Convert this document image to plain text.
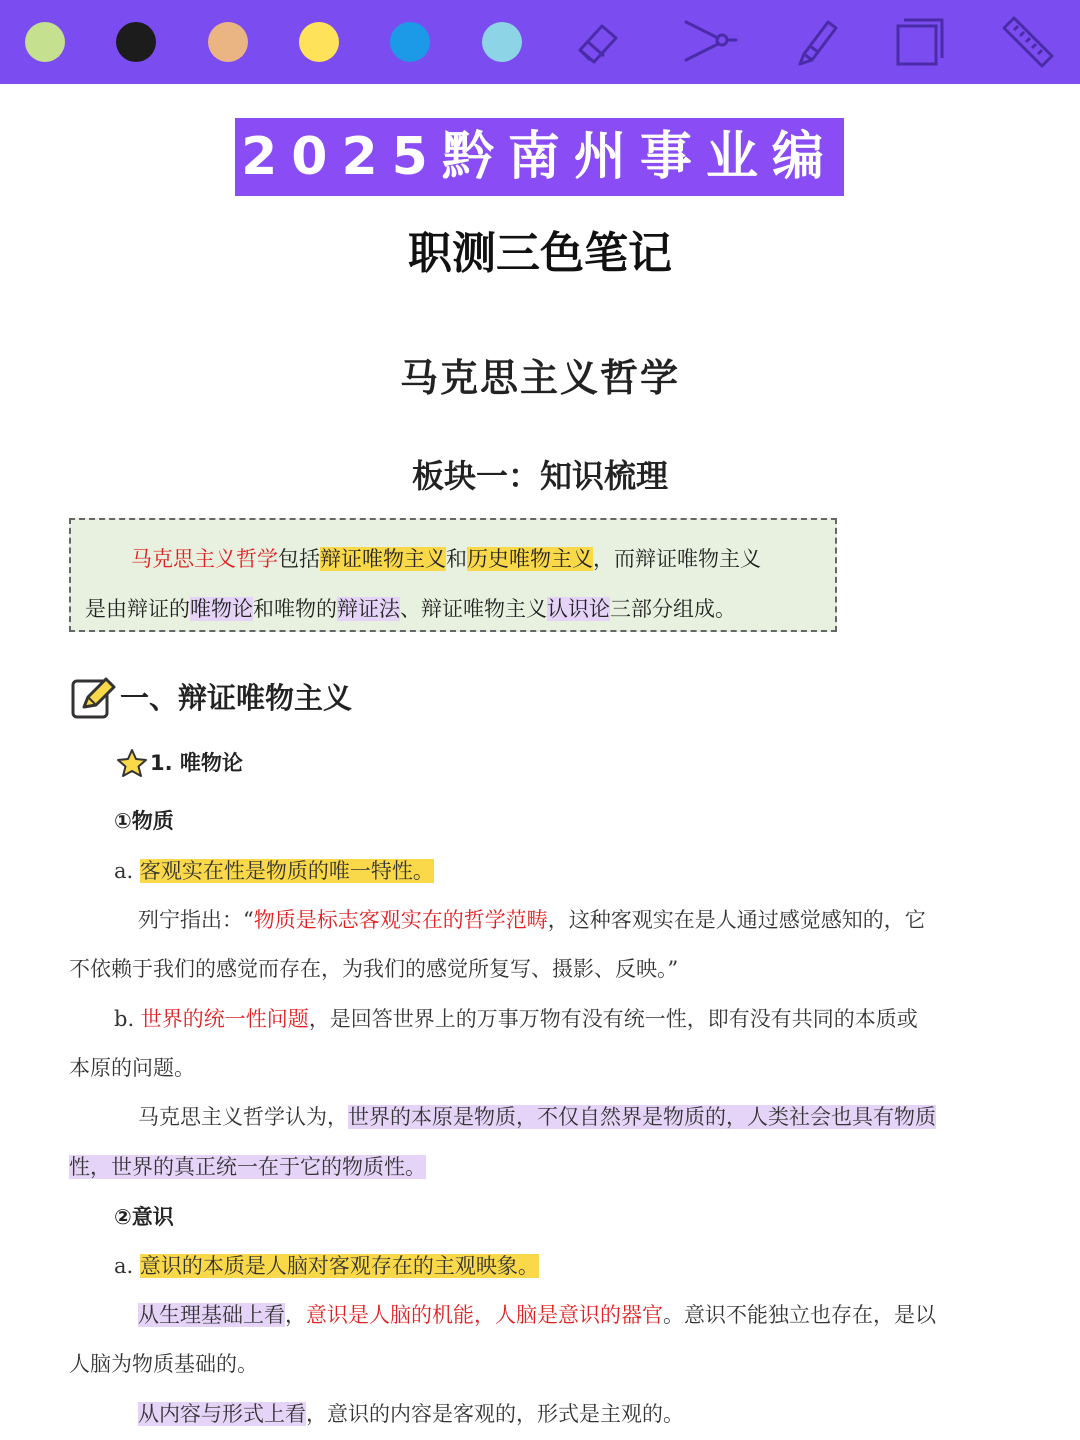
2025黔南州事业编
职测三色笔记
马克思主义哲学
板块一：知识梳理

马克思主义哲学包括辩证唯物主义和历史唯物主义，而辩证唯物主义

是由辩证的唯物论和唯物的辩证法、辩证唯物主义认识论三部分组成。

一、辩证唯物主义
1. 唯物论
①物质
a. 客观实在性是物质的唯一特性。
列宁指出：“物质是标志客观实在的哲学范畴，这种客观实在是人通过感觉感知的，它
不依赖于我们的感觉而存在，为我们的感觉所复写、摄影、反映。”
b. 世界的统一性问题，是回答世界上的万事万物有没有统一性，即有没有共同的本质或
本原的问题。
马克思主义哲学认为，世界的本原是物质，不仅自然界是物质的，人类社会也具有物质
性，世界的真正统一在于它的物质性。
②意识
a. 意识的本质是人脑对客观存在的主观映象。
从生理基础上看，意识是人脑的机能，人脑是意识的器官。意识不能独立也存在，是以
人脑为物质基础的。
从内容与形式上看，意识的内容是客观的，形式是主观的。
